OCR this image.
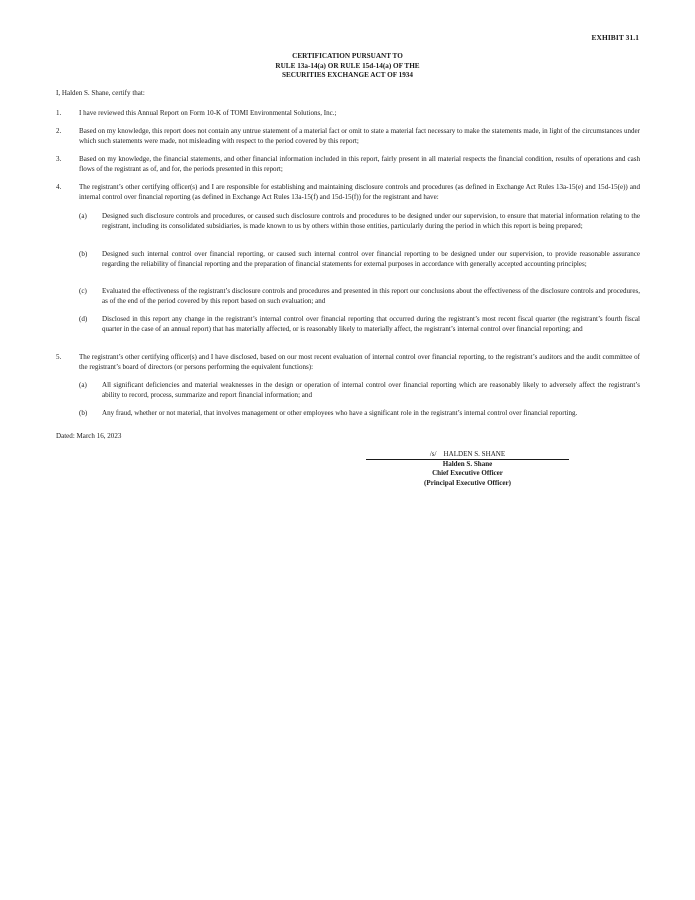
EXHIBIT 31.1
CERTIFICATION PURSUANT TO
RULE 13a-14(a) OR RULE 15d-14(a) OF THE
SECURITIES EXCHANGE ACT OF 1934
I, Halden S. Shane, certify that:
1.	I have reviewed this Annual Report on Form 10-K of TOMI Environmental Solutions, Inc.;
2.	Based on my knowledge, this report does not contain any untrue statement of a material fact or omit to state a material fact necessary to make the statements made, in light of the circumstances under which such statements were made, not misleading with respect to the period covered by this report;
3.	Based on my knowledge, the financial statements, and other financial information included in this report, fairly present in all material respects the financial condition, results of operations and cash flows of the registrant as of, and for, the periods presented in this report;
4.	The registrant’s other certifying officer(s) and I are responsible for establishing and maintaining disclosure controls and procedures (as defined in Exchange Act Rules 13a-15(e) and 15d-15(e)) and internal control over financial reporting (as defined in Exchange Act Rules 13a-15(f) and 15d-15(f)) for the registrant and have:
(a)	Designed such disclosure controls and procedures, or caused such disclosure controls and procedures to be designed under our supervision, to ensure that material information relating to the registrant, including its consolidated subsidiaries, is made known to us by others within those entities, particularly during the period in which this report is being prepared;
(b)	Designed such internal control over financial reporting, or caused such internal control over financial reporting to be designed under our supervision, to provide reasonable assurance regarding the reliability of financial reporting and the preparation of financial statements for external purposes in accordance with generally accepted accounting principles;
(c)	Evaluated the effectiveness of the registrant’s disclosure controls and procedures and presented in this report our conclusions about the effectiveness of the disclosure controls and procedures, as of the end of the period covered by this report based on such evaluation; and
(d)	Disclosed in this report any change in the registrant’s internal control over financial reporting that occurred during the registrant’s most recent fiscal quarter (the registrant’s fourth fiscal quarter in the case of an annual report) that has materially affected, or is reasonably likely to materially affect, the registrant’s internal control over financial reporting; and
5.	The registrant’s other certifying officer(s) and I have disclosed, based on our most recent evaluation of internal control over financial reporting, to the registrant’s auditors and the audit committee of the registrant’s board of directors (or persons performing the equivalent functions):
(a)	All significant deficiencies and material weaknesses in the design or operation of internal control over financial reporting which are reasonably likely to adversely affect the registrant’s ability to record, process, summarize and report financial information; and
(b)	Any fraud, whether or not material, that involves management or other employees who have a significant role in the registrant’s internal control over financial reporting.
Dated: March 16, 2023
/s/    HALDEN S. SHANE
Halden S. Shane
Chief Executive Officer
(Principal Executive Officer)
